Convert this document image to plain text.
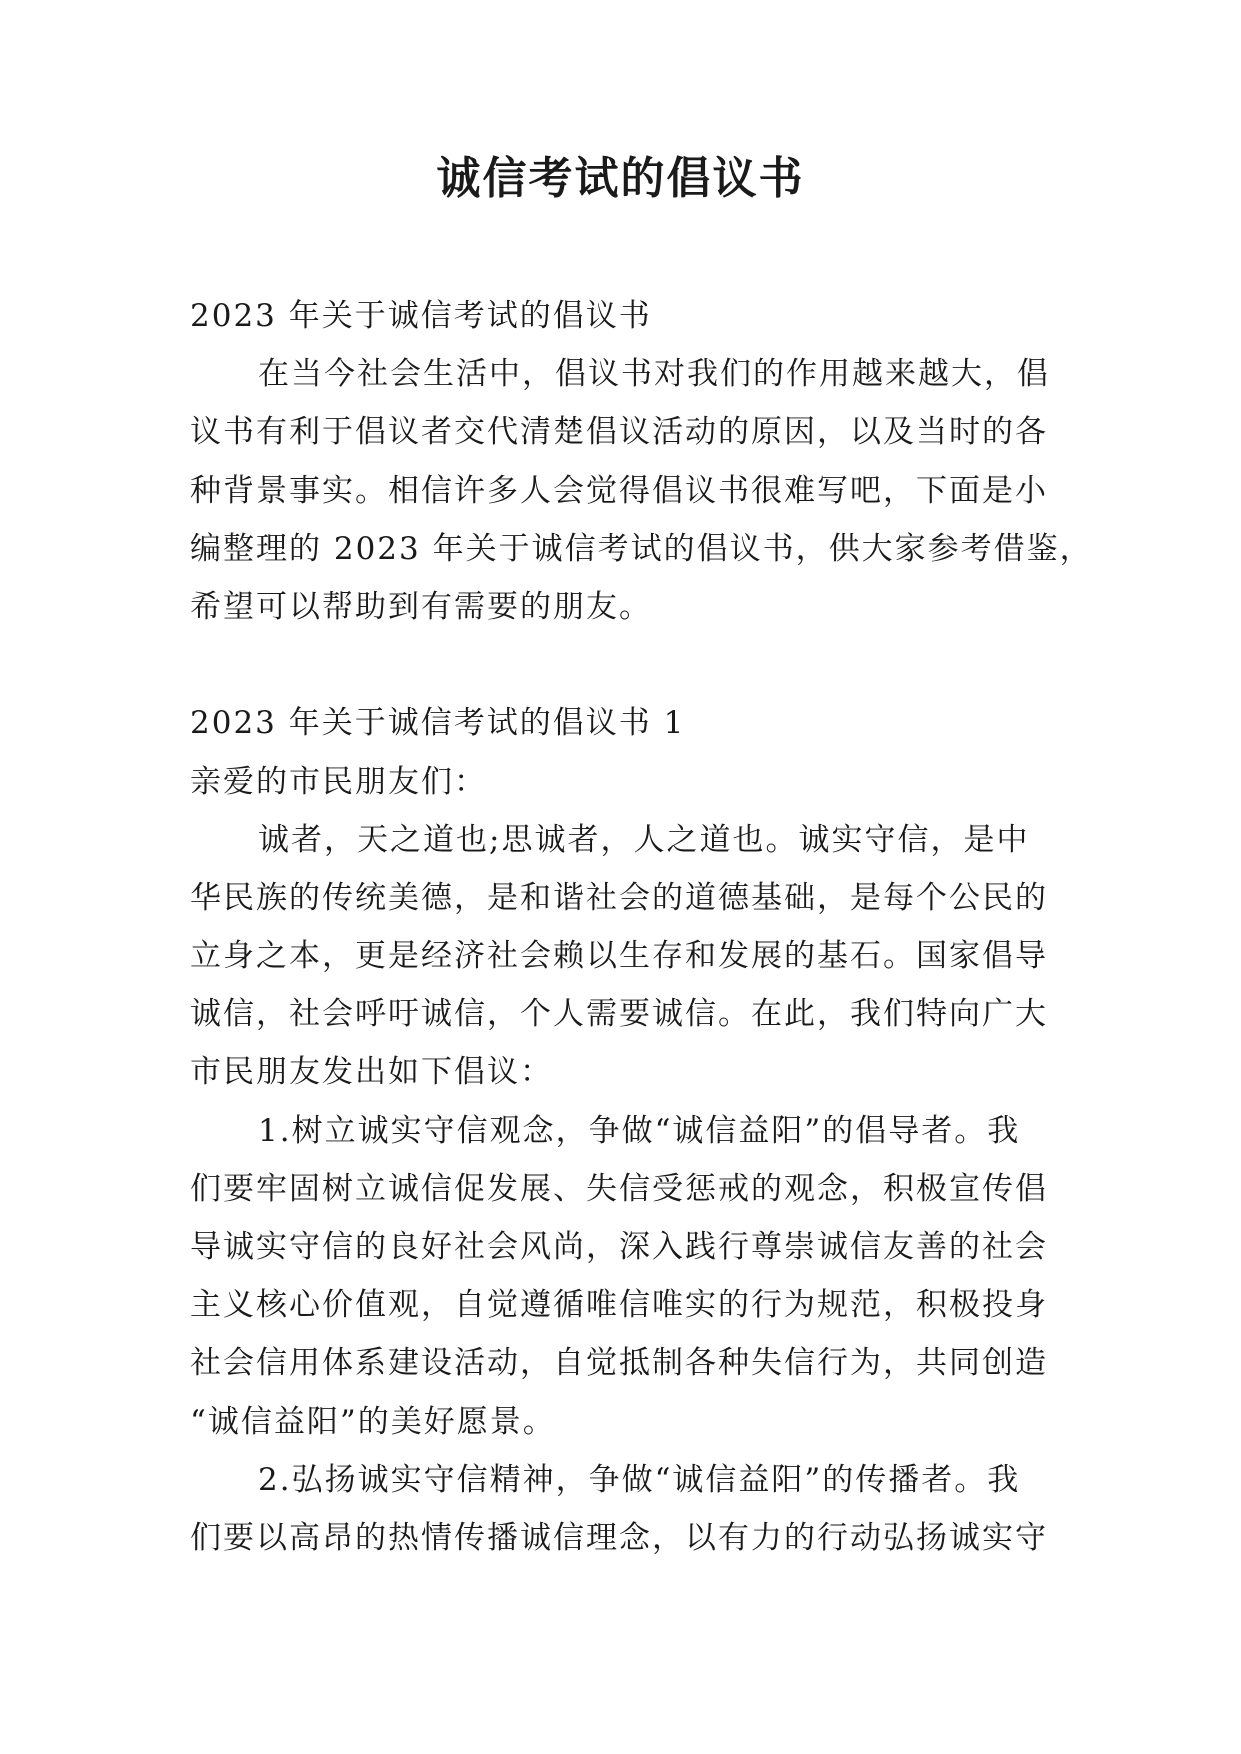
诚信考试的倡议书
2023 年关于诚信考试的倡议书
在当今社会生活中，倡议书对我们的作用越来越大，倡
议书有利于倡议者交代清楚倡议活动的原因，以及当时的各
种背景事实。相信许多人会觉得倡议书很难写吧，下面是小
编整理的 2023 年关于诚信考试的倡议书，供大家参考借鉴，
希望可以帮助到有需要的朋友。
2023 年关于诚信考试的倡议书 1
亲爱的市民朋友们：
诚者，天之道也;思诚者，人之道也。诚实守信，是中
华民族的传统美德，是和谐社会的道德基础，是每个公民的
立身之本，更是经济社会赖以生存和发展的基石。国家倡导
诚信，社会呼吁诚信，个人需要诚信。在此，我们特向广大
市民朋友发出如下倡议：
1.树立诚实守信观念，争做“诚信益阳”的倡导者。我
们要牢固树立诚信促发展、失信受惩戒的观念，积极宣传倡
导诚实守信的良好社会风尚，深入践行尊崇诚信友善的社会
主义核心价值观，自觉遵循唯信唯实的行为规范，积极投身
社会信用体系建设活动，自觉抵制各种失信行为，共同创造
“诚信益阳”的美好愿景。
2.弘扬诚实守信精神，争做“诚信益阳”的传播者。我
们要以高昂的热情传播诚信理念，以有力的行动弘扬诚实守
